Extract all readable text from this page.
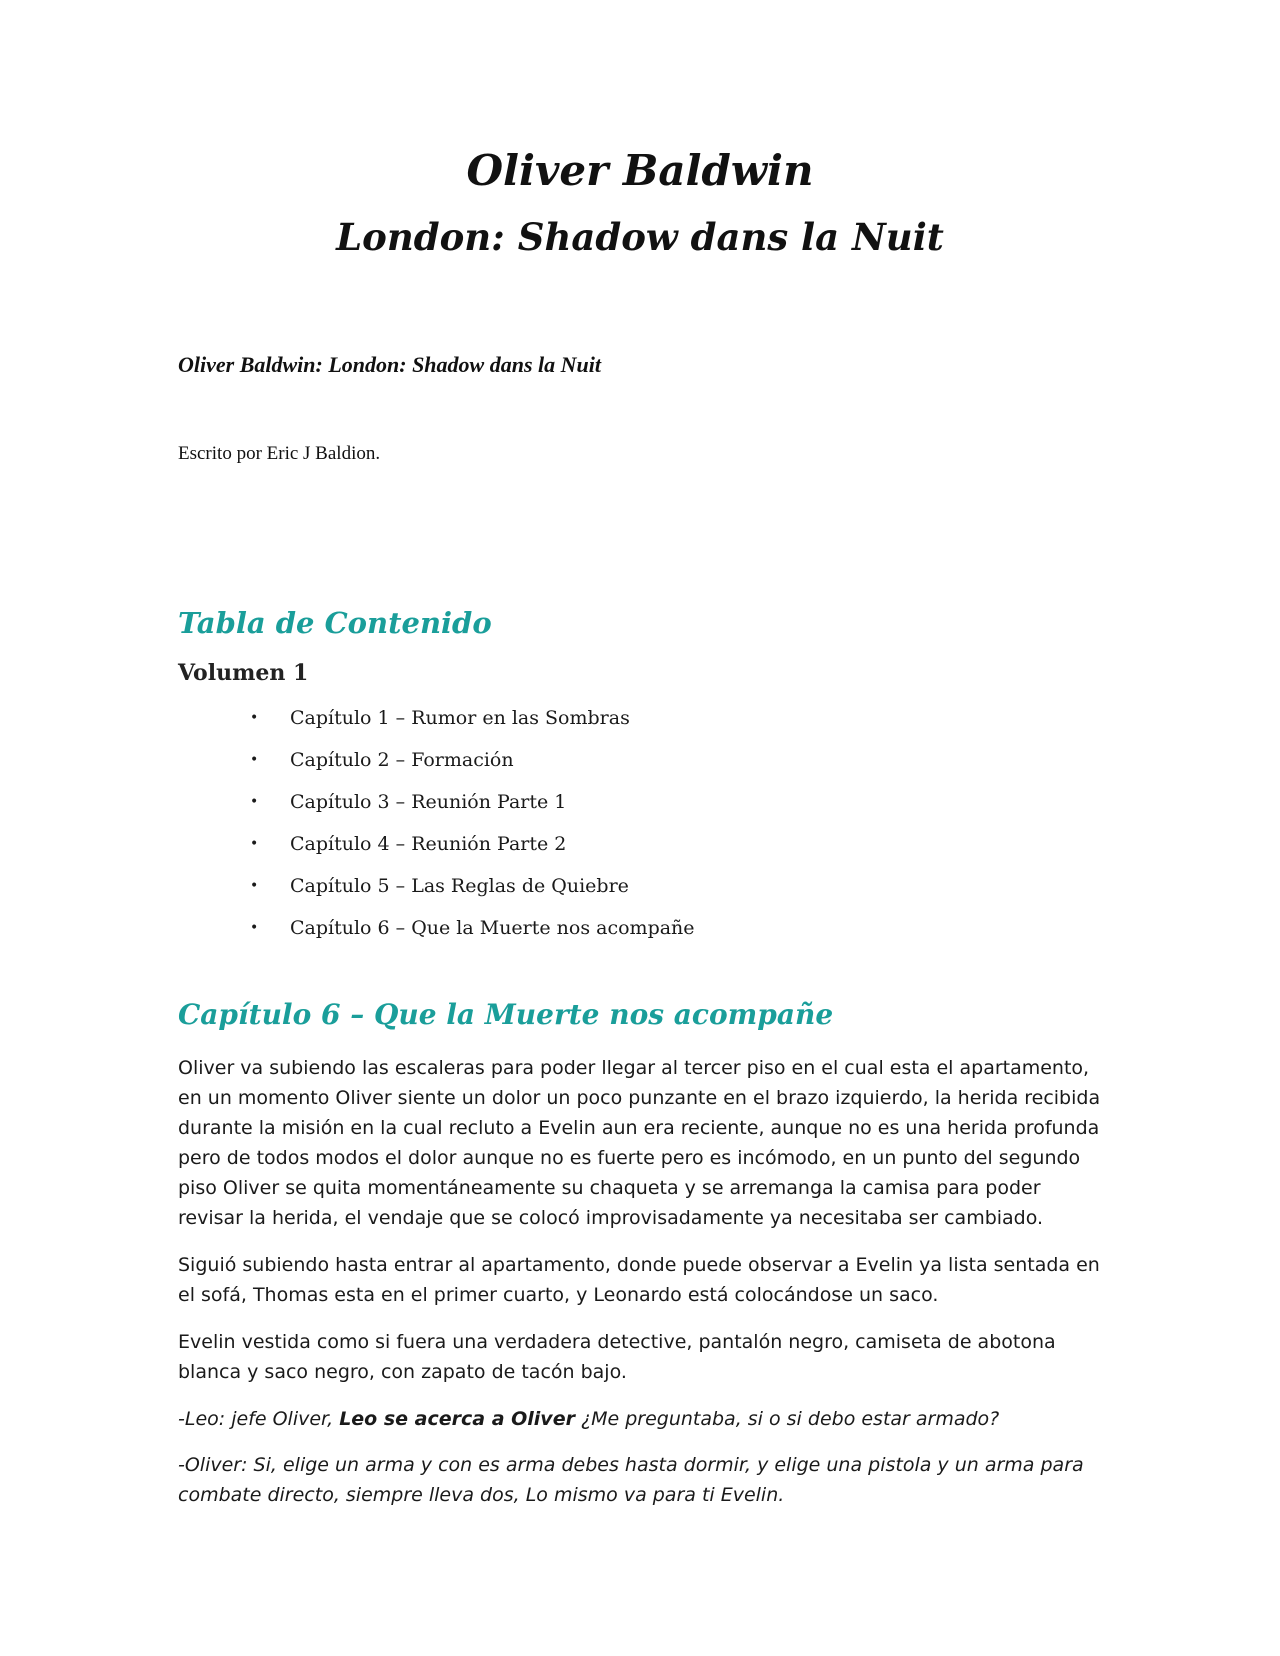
Oliver Baldwin
London: Shadow dans la Nuit

Oliver Baldwin: London: Shadow dans la Nuit

Escrito por Eric J Baldion.

Tabla de Contenido
Volumen 1
•	Capítulo 1 – Rumor en las Sombras
•	Capítulo 2 – Formación
•	Capítulo 3 – Reunión Parte 1
•	Capítulo 4 – Reunión Parte 2
•	Capítulo 5 – Las Reglas de Quiebre
•	Capítulo 6 – Que la Muerte nos acompañe
Capítulo 6 – Que la Muerte nos acompañe

Oliver va subiendo las escaleras para poder llegar al tercer piso en el cual esta el apartamento, en un momento Oliver siente un dolor un poco punzante en el brazo izquierdo, la herida recibida durante la misión en la cual recluto a Evelin aun era reciente, aunque no es una herida profunda pero de todos modos el dolor aunque no es fuerte pero es incómodo, en un punto del segundo piso Oliver se quita momentáneamente su chaqueta y se arremanga la camisa para poder revisar la herida, el vendaje que se colocó improvisadamente ya necesitaba ser cambiado.

Siguió subiendo hasta entrar al apartamento, donde puede observar a Evelin ya lista sentada en el sofá, Thomas esta en el primer cuarto, y Leonardo está colocándose un saco.

Evelin vestida como si fuera una verdadera detective, pantalón negro, camiseta de abotona blanca y saco negro, con zapato de tacón bajo.

-Leo: jefe Oliver, Leo se acerca a Oliver ¿Me preguntaba, si o si debo estar armado?

-Oliver: Si, elige un arma y con es arma debes hasta dormir, y elige una pistola y un arma para combate directo, siempre lleva dos, Lo mismo va para ti Evelin.
